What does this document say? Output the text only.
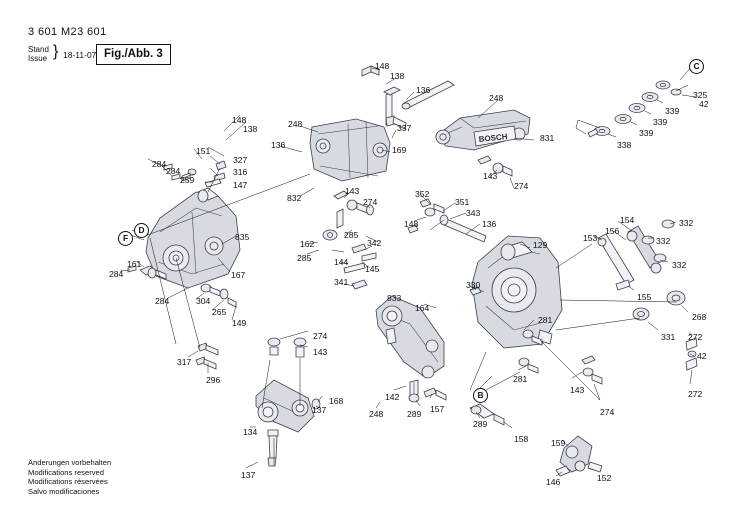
3 601 M23 601
Stand
Issue } 18-11-07 Fig./Abb. 3
BOSCH
C
D
F
B
148
138
136
248	325
42
339
339
339
338
148
138	248	337
831
136	169
151
327
284
316
284
259	147
143
274
143
274
352
832	351
343
148	136	154	332
156
153	332
835	285
342	129
162
285	144
145	332
161
167
341
284
155
284	304	833
164
330
268
265
149	281
331 272
274
143
317
42
296
272
281
143
142
168
248	157
289
137	274
134
289
158	159
137
146	152
Änderungen vorbehalten
Modifications reserved
Modifications réservées
Salvo modificaciones
